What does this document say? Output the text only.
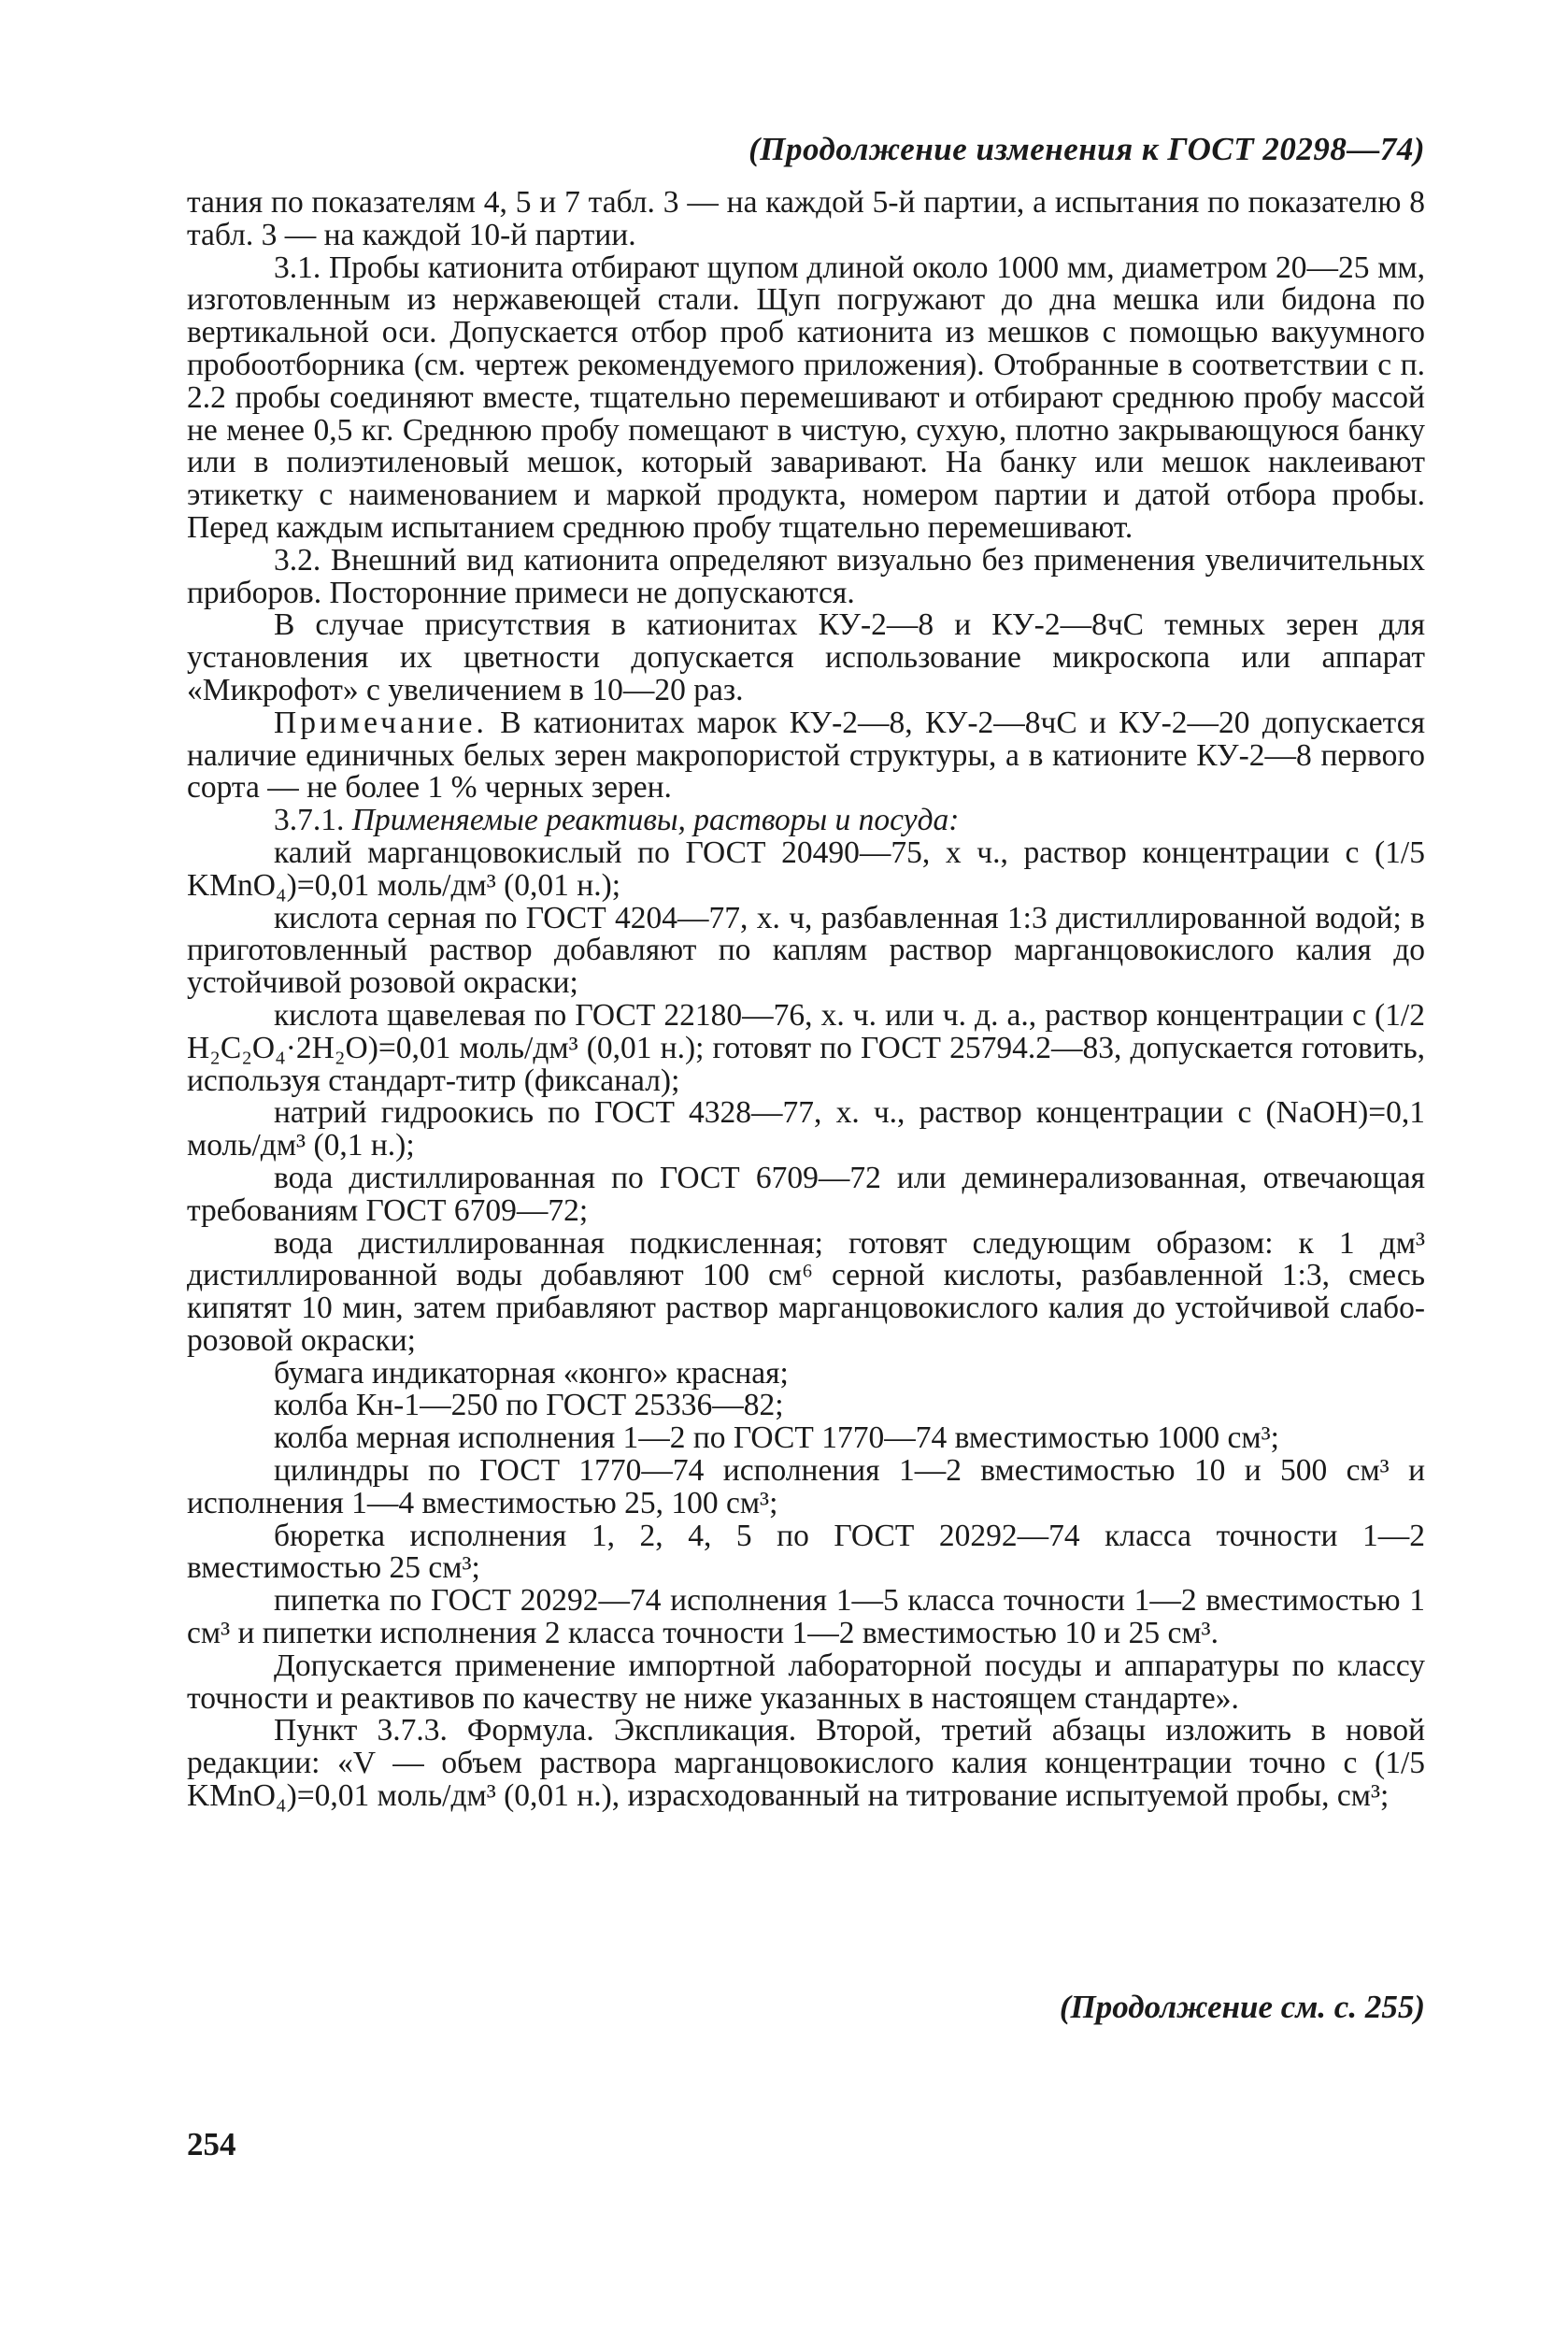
(Продолжение изменения к ГОСТ 20298—74)

тания по показателям 4, 5 и 7 табл. 3 — на каждой 5-й партии, а испытания по показателю 8 табл. 3 — на каждой 10-й партии.

3.1. Пробы катионита отбирают щупом длиной около 1000 мм, диаметром 20—25 мм, изготовленным из нержавеющей стали. Щуп погружают до дна мешка или бидона по вертикальной оси. Допускается отбор проб катионита из мешков с помощью вакуумного пробоотборника (см. чертеж рекомендуемого приложения). Отобранные в соответствии с п. 2.2 пробы соединяют вместе, тщательно перемешивают и отбирают среднюю пробу массой не менее 0,5 кг. Среднюю пробу помещают в чистую, сухую, плотно закрывающуюся банку или в полиэтиленовый мешок, который заваривают. На банку или мешок наклеивают этикетку с наименованием и маркой продукта, номером партии и датой отбора пробы. Перед каждым испытанием среднюю пробу тщательно перемешивают.

3.2. Внешний вид катионита определяют визуально без применения увеличительных приборов. Посторонние примеси не допускаются.

В случае присутствия в катионитах КУ-2—8 и КУ-2—8чС темных зерен для установления их цветности допускается использование микроскопа или аппарат «Микрофот» с увеличением в 10—20 раз.

Примечание. В катионитах марок КУ-2—8, КУ-2—8чС и КУ-2—20 допускается наличие единичных белых зерен макропористой структуры, а в катионите КУ-2—8 первого сорта — не более 1 % черных зерен.

3.7.1. Применяемые реактивы, растворы и посуда:

калий марганцовокислый по ГОСТ 20490—75, х ч., раствор концентрации с (1/5 KMnO₄)=0,01 моль/дм³ (0,01 н.);

кислота серная по ГОСТ 4204—77, х. ч, разбавленная 1:3 дистиллированной водой; в приготовленный раствор добавляют по каплям раствор марганцовокислого калия до устойчивой розовой окраски;

кислота щавелевая по ГОСТ 22180—76, х. ч. или ч. д. а., раствор концентрации с (1/2 H₂C₂O₄·2H₂O)=0,01 моль/дм³ (0,01 н.); готовят по ГОСТ 25794.2—83, допускается готовить, используя стандарт-титр (фиксанал);

натрий гидроокись по ГОСТ 4328—77, х. ч., раствор концентрации с (NaOH)=0,1 моль/дм³ (0,1 н.);

вода дистиллированная по ГОСТ 6709—72 или деминерализованная, отвечающая требованиям ГОСТ 6709—72;

вода дистиллированная подкисленная; готовят следующим образом: к 1 дм³ дистиллированной воды добавляют 100 см⁶ серной кислоты, разбавленной 1:3, смесь кипятят 10 мин, затем прибавляют раствор марганцовокислого калия до устойчивой слабо-розовой окраски;

бумага индикаторная «конго» красная;

колба Кн-1—250 по ГОСТ 25336—82;

колба мерная исполнения 1—2 по ГОСТ 1770—74 вместимостью 1000 см³;

цилиндры по ГОСТ 1770—74 исполнения 1—2 вместимостью 10 и 500 см³ и исполнения 1—4 вместимостью 25, 100 см³;

бюретка исполнения 1, 2, 4, 5 по ГОСТ 20292—74 класса точности 1—2 вместимостью 25 см³;

пипетка по ГОСТ 20292—74 исполнения 1—5 класса точности 1—2 вместимостью 1 см³ и пипетки исполнения 2 класса точности 1—2 вместимостью 10 и 25 см³.

Допускается применение импортной лабораторной посуды и аппаратуры по классу точности и реактивов по качеству не ниже указанных в настоящем стандарте».

Пункт 3.7.3. Формула. Экспликация. Второй, третий абзацы изложить в новой редакции: «V — объем раствора марганцовокислого калия концентрации точно с (1/5 KMnO₄)=0,01 моль/дм³ (0,01 н.), израсходованный на титрование испытуемой пробы, см³;

(Продолжение см. с. 255)
254
